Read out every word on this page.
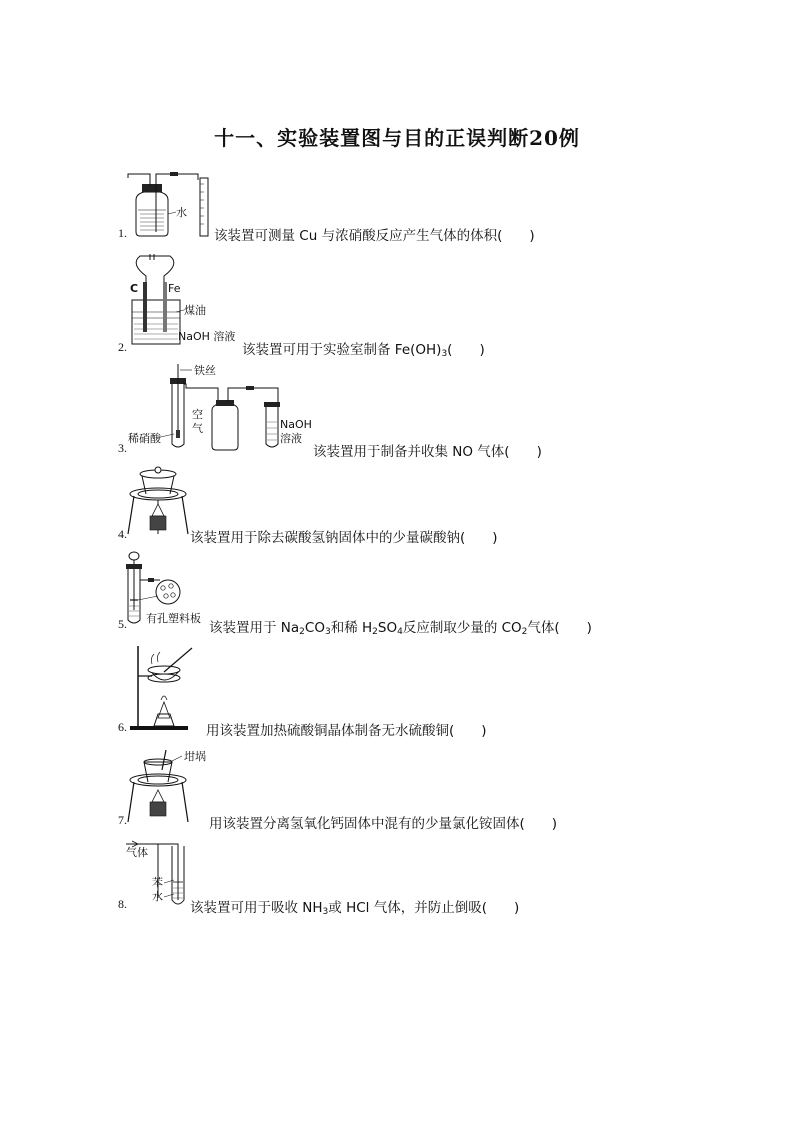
十一、实验装置图与目的正误判断20例
1.
水
该装置可测量 Cu 与浓硝酸反应产生气体的体积(　　)
2.
C	Fe
煤油
NaOH 溶液
该装置可用于实验室制备 $Fe(OH)_3$(　　)
3.
铁丝
稀硝酸
空
气	NaOH
溶液
该装置用于制备并收集 NO 气体(　　)
4.	该装置用于除去碳酸氢钠固体中的少量碳酸钠(　　)
5. 有孔塑料板
该装置用于 $Na_2CO_3$和稀 $H_2SO_4$反应制取少量的 $CO_2$气体(　　)
6.	用该装置加热硫酸铜晶体制备无水硫酸铜(　　)
7.
坩埚
用该装置分离氢氧化钙固体中混有的少量氯化铵固体(　　)
8.
气体
苯
水
该装置可用于吸收 $NH_3$或 HCl 气体，并防止倒吸(　　)
